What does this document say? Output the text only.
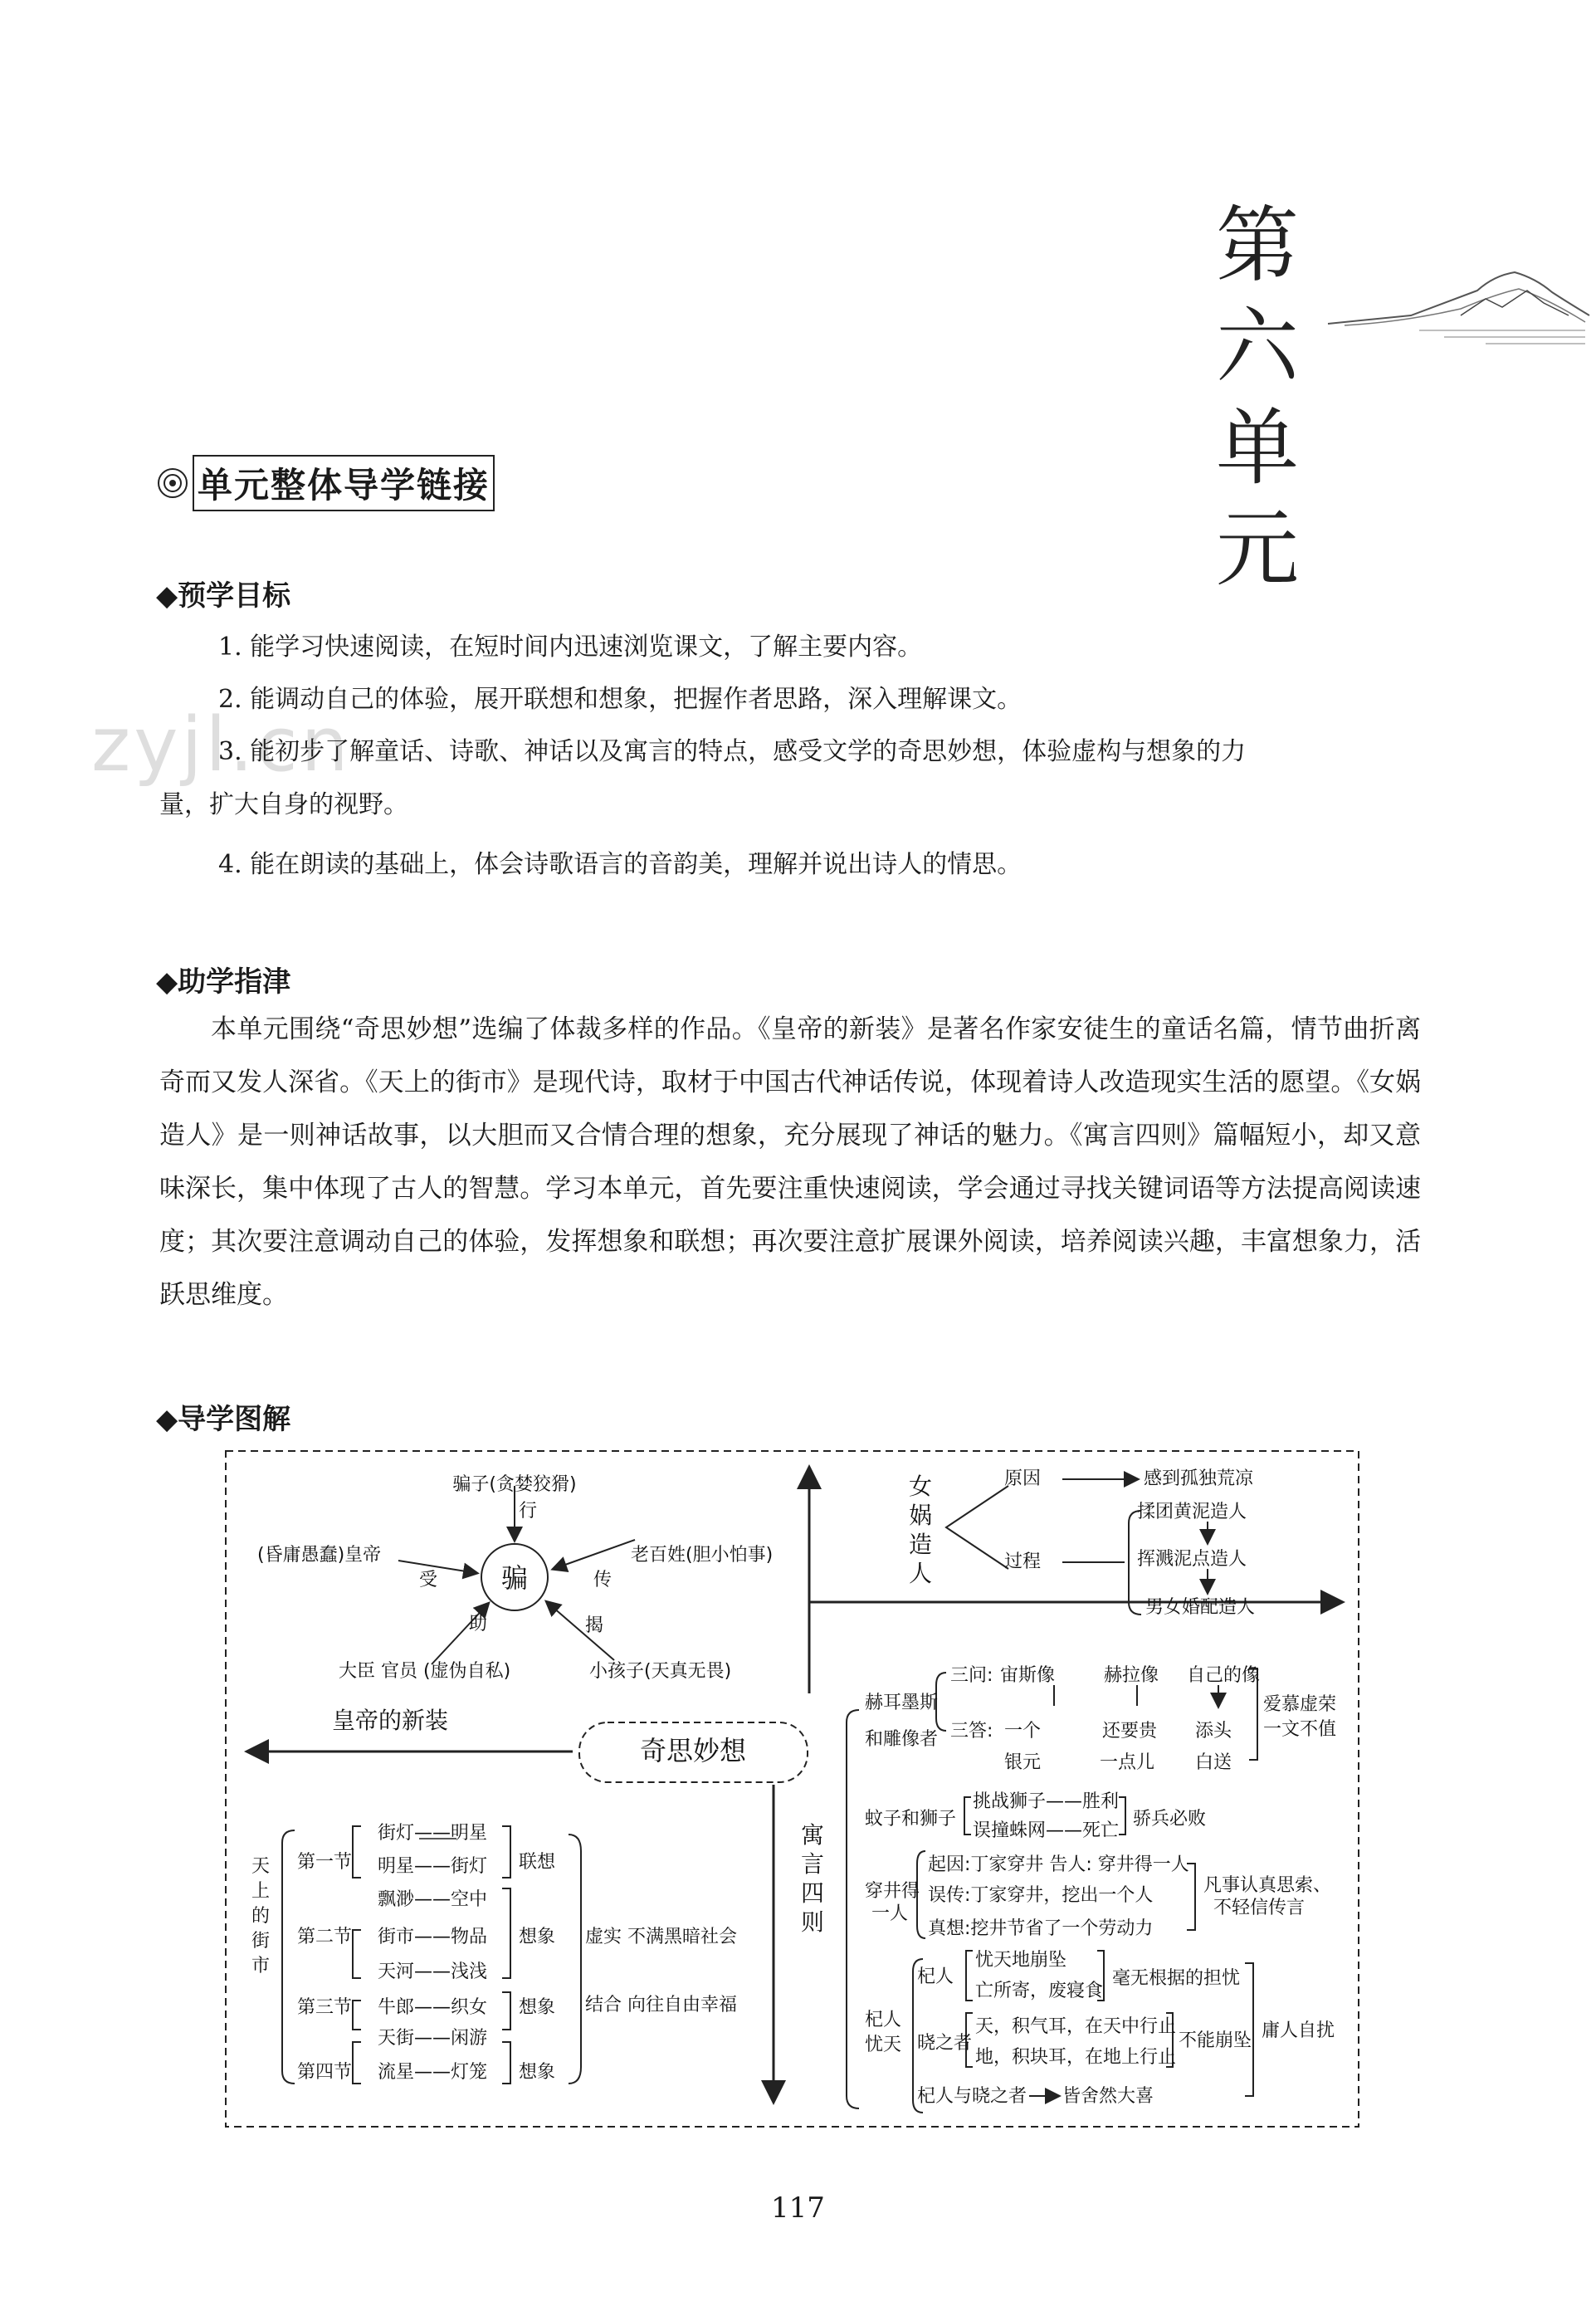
第
六
单
元
单元整体导学链接
zyjl.cn
◆预学目标
1. 能学习快速阅读，在短时间内迅速浏览课文，了解主要内容。
2. 能调动自己的体验，展开联想和想象，把握作者思路，深入理解课文。
3. 能初步了解童话、诗歌、神话以及寓言的特点，感受文学的奇思妙想，体验虚构与想象的力
量，扩大自身的视野。
4. 能在朗读的基础上，体会诗歌语言的音韵美，理解并说出诗人的情思。
◆助学指津
本单元围绕“奇思妙想”选编了体裁多样的作品。《皇帝的新装》是著名作家安徒生的童话名篇，情节曲折离奇而又发人深省。《天上的街市》是现代诗，取材于中国古代神话传说，体现着诗人改造现实生活的愿望。《女娲造人》是一则神话故事，以大胆而又合情合理的想象，充分展现了神话的魅力。《寓言四则》篇幅短小，却又意味深长，集中体现了古人的智慧。学习本单元，首先要注重快速阅读，学会通过寻找关键词语等方法提高阅读速度；其次要注意调动自己的体验，发挥想象和联想；再次要注意扩展课外阅读，培养阅读兴趣，丰富想象力，活跃思维度。
◆导学图解
奇思妙想
骗
骗子(贪婪狡猾)
行
(昏庸愚蠢)皇帝
受
老百姓(胆小怕事)
传
大臣 官员 (虚伪自私)
助
小孩子(天真无畏)
揭
皇帝的新装
女
娲
造
人
原因	感到孤独荒凉
过程
揉团黄泥造人
挥溅泥点造人
男女婚配造人
天
上
的
街
市
第一节
第二节
第三节
第四节
街灯——明星
明星——街灯
飘渺——空中
街市——物品
天河——浅浅
牛郎——织女
天街——闲游
流星——灯笼
联想
想象
想象
想象
虚实 不满黑暗社会
结合 向往自由幸福
寓
言
四
则
赫耳墨斯
和雕像者
三问: 宙斯像	赫拉像 自己的像
三答: 一个	还要贵 添头
银元	一点儿 白送
爱慕虚荣
一文不值
蚊子和狮子
挑战狮子——胜利
误撞蛛网——死亡
骄兵必败
穿井得
一人
起因:丁家穿井 告人: 穿井得一人
误传:丁家穿井，挖出一个人
真想:挖井节省了一个劳动力
凡事认真思索、
不轻信传言
杞人
忧天
杞人
忧天地崩坠
亡所寄，废寝食
毫无根据的担忧
晓之者
天，积气耳，在天中行止
地，积块耳，在地上行止
不能崩坠
杞人与晓之者 皆舍然大喜
庸人自扰
117
